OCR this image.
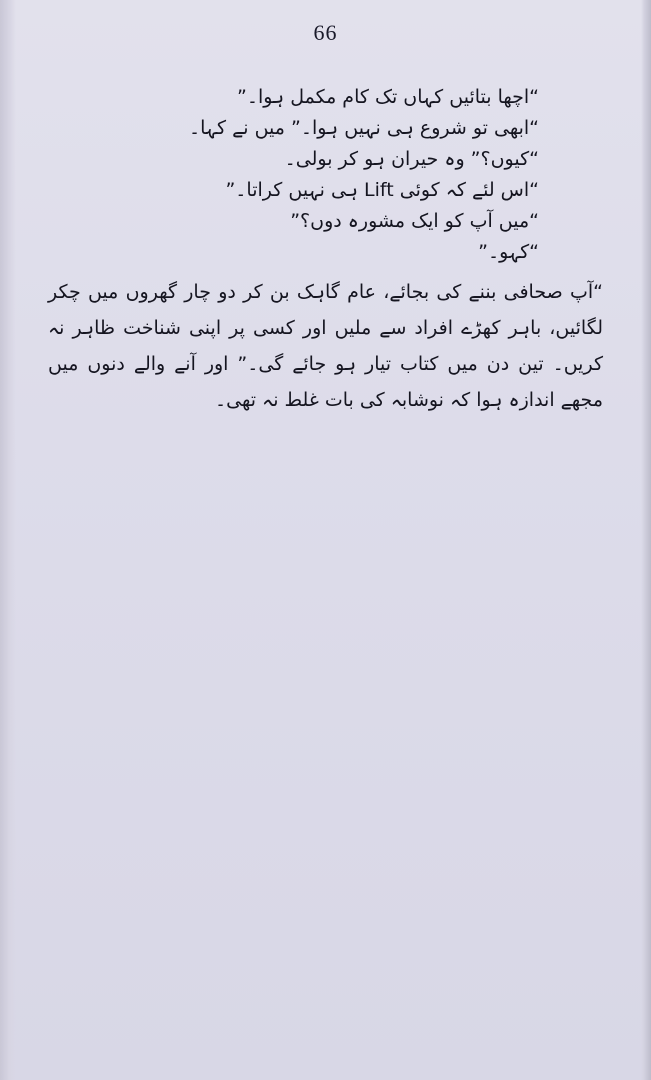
66

“اچھا بتائیں کہاں تک کام مکمل ہوا۔”

“ابھی تو شروع ہی نہیں ہوا۔” میں نے کہا۔

“کیوں؟” وہ حیران ہو کر بولی۔

“اس لئے کہ کوئی Lift ہی نہیں کراتا۔”

“میں آپ کو ایک مشورہ دوں؟”

“کہو۔”

“آپ صحافی بننے کی بجائے، عام گاہک بن کر دو چار گھروں میں چکر لگائیں، باہر کھڑے افراد سے ملیں اور کسی پر اپنی شناخت ظاہر نہ کریں۔ تین دن میں کتاب تیار ہو جائے گی۔” اور آنے والے دنوں میں مجھے اندازہ ہوا کہ نوشابہ کی بات غلط نہ تھی۔
